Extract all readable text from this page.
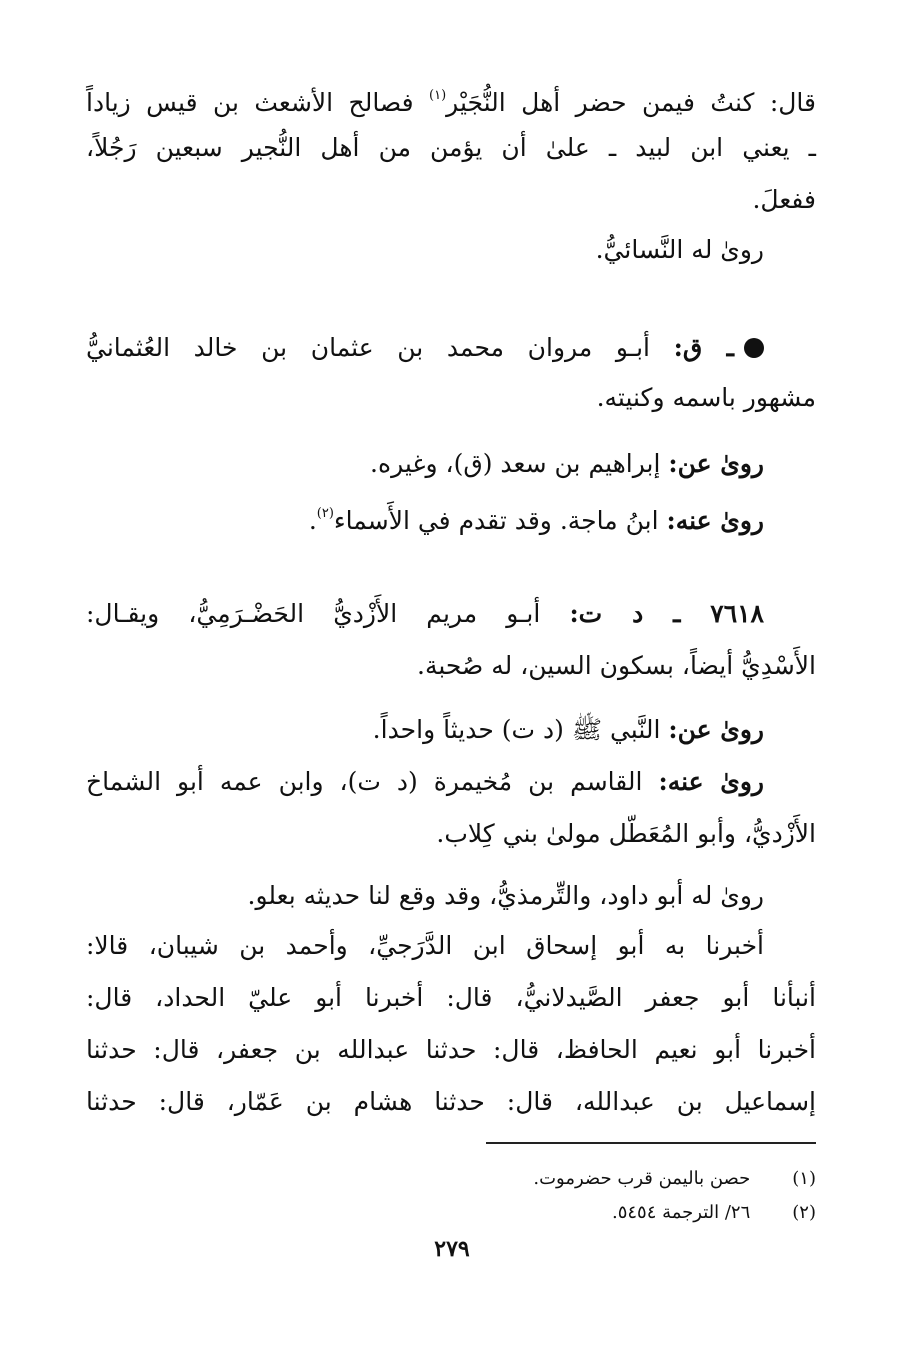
قال: كنتُ فيمن حضر أهل النُّجَيْر$^{(١)}$ فصالح الأشعث بن قيس زياداً
ـ يعني ابن لبيد ـ علىٰ أن يؤمن من أهل النُّجير سبعين رَجُلاً،
ففعلَ.
رویٰ له النَّسائيُّ.
ـ ق: أبـو مروان محمد بن عثمان بن خالد العُثمانيُّ
مشهور باسمه وكنيته.
رویٰ عن: إبراهيم بن سعد (ق)، وغيره.
رویٰ عنه: ابنُ ماجة. وقد تقدم في الأَسماء$^{(٢)}$.
٧٦١٨ ـ د ت: أبـو مريم الأَزْديُّ الحَضْـرَمِيُّ، ويقـال:
الأَسْدِيُّ أيضاً، بسكون السين، له صُحبة.
رویٰ عن: النَّبي ﷺ (د ت) حديثاً واحداً.
رویٰ عنه: القاسم بن مُخيمرة (د ت)، وابن عمه أبو الشماخ
الأَزْديُّ، وأبو المُعَطّل مولىٰ بني كِلاب.
رویٰ له أبو داود، والتِّرمذيُّ، وقد وقع لنا حديثه بعلو.
أخبرنا به أبو إسحاق ابن الدَّرَجيِّ، وأحمد بن شيبان، قالا:
أنبأنا أبو جعفر الصَّيدلانيُّ، قال: أخبرنا أبو عليّ الحداد، قال:
أخبرنا أبو نعيم الحافظ، قال: حدثنا عبدالله بن جعفر، قال: حدثنا
إسماعيل بن عبدالله، قال: حدثنا هشام بن عَمّار، قال: حدثنا
(١) حصن باليمن قرب حضرموت.
(٢) ٢٦/ الترجمة ٥٤٥٤.
٢٧٩
